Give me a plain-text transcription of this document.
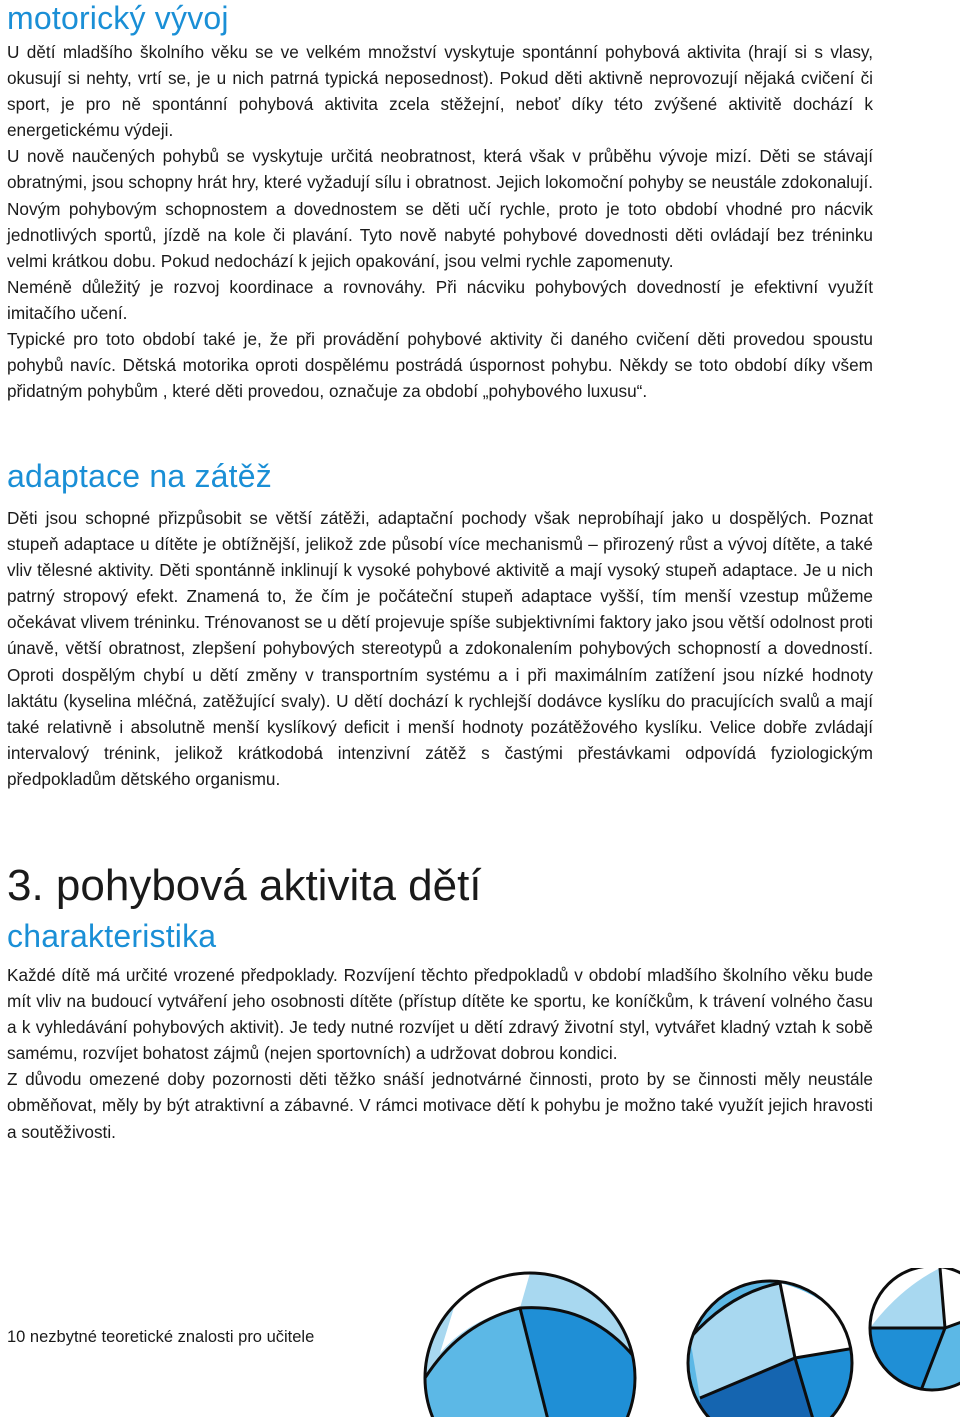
motorický vývoj

U dětí mladšího školního věku se ve velkém množství vyskytuje spontánní pohybová aktivita (hrají si s vlasy, okusují si nehty, vrtí se, je u nich patrná typická neposednost). Pokud děti aktivně neprovozují nějaká cvičení či sport, je pro ně spontánní pohybová aktivita zcela stěžejní, neboť díky této zvýšené aktivitě dochází k energetickému výdeji.

U nově naučených pohybů se vyskytuje určitá neobratnost, která však v průběhu vývoje mizí. Děti se stávají obratnými, jsou schopny hrát hry, které vyžadují sílu i obratnost. Jejich lokomoční pohyby se neustále zdokonalují. Novým pohybovým schopnostem a dovednostem se děti učí rychle, proto je toto období vhodné pro nácvik jednotlivých sportů, jízdě na kole či plavání. Tyto nově nabyté pohybové dovednosti děti ovládají bez tréninku velmi krátkou dobu. Pokud nedochází k jejich opakování, jsou velmi rychle zapomenuty.

Neméně důležitý je rozvoj koordinace a rovnováhy. Při nácviku pohybových dovedností je efektivní využít imitačího učení.

Typické pro toto období také je, že při provádění pohybové aktivity či daného cvičení děti provedou spoustu pohybů navíc. Dětská motorika oproti dospělému postrádá úspornost pohybu. Někdy se toto období díky všem přidatným pohybům , které děti provedou, označuje za období „pohybového luxusu“.

adaptace na zátěž

Děti jsou schopné přizpůsobit se větší zátěži, adaptační pochody však neprobíhají jako u dospělých. Poznat stupeň adaptace u dítěte je obtížnější, jelikož zde působí více mechanismů – přirozený růst a vývoj dítěte, a také vliv tělesné aktivity. Děti spontánně inklinují k vysoké pohybové aktivitě a mají vysoký stupeň adaptace. Je u nich patrný stropový efekt. Znamená to, že čím je počáteční stupeň adaptace vyšší, tím menší vzestup můžeme očekávat vlivem tréninku. Trénovanost se u dětí projevuje spíše subjektivními faktory jako jsou větší odolnost proti únavě, větší obratnost, zlepšení pohybových stereotypů a zdokonalením pohybových schopností a dovedností. Oproti dospělým chybí u dětí změny v transportním systému a i při maximálním zatížení jsou nízké hodnoty laktátu (kyselina mléčná, zatěžující svaly). U dětí dochází k rychlejší dodávce kyslíku do pracujících svalů a mají také relativně i absolutně menší kyslíkový deficit i menší hodnoty pozátěžového kyslíku. Velice dobře zvládají intervalový trénink, jelikož krátkodobá intenzivní zátěž s častými přestávkami odpovídá fyziologickým předpokladům dětského organismu.

3. pohybová aktivita dětí
charakteristika

Každé dítě má určité vrozené předpoklady. Rozvíjení těchto předpokladů v období mladšího školního věku bude mít vliv na budoucí vytváření jeho osobnosti dítěte (přístup dítěte ke sportu, ke koníčkům, k trávení volného času a k vyhledávání pohybových aktivit). Je tedy nutné rozvíjet u dětí zdravý životní styl, vytvářet kladný vztah k sobě samému, rozvíjet bohatost zájmů (nejen sportovních) a udržovat dobrou kondici.

Z důvodu omezené doby pozornosti děti těžko snáší jednotvárné činnosti, proto by se činnosti měly neustále obměňovat, měly by být atraktivní a zábavné. V rámci motivace dětí k pohybu je možno také využít jejich hravosti a soutěživosti.

10 nezbytné teoretické znalosti pro učitele
